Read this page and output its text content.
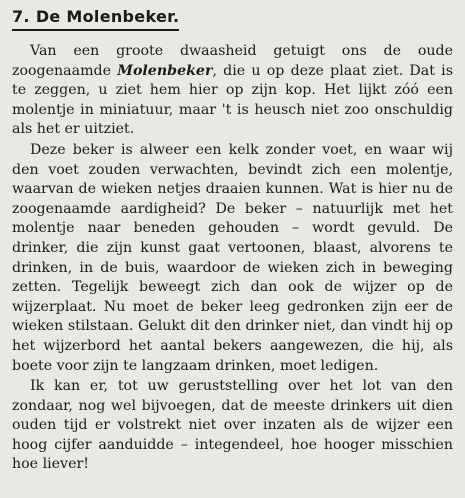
7. De Molenbeker.

Van een groote dwaasheid getuigt ons de oude zoogenaamde Molenbeker, die u op deze plaat ziet. Dat is te zeggen, u ziet hem hier op zijn kop. Het lijkt zóó een molentje in miniatuur, maar 't is heusch niet zoo onschuldig als het er uitziet.

Deze beker is alweer een kelk zonder voet, en waar wij den voet zouden verwachten, bevindt zich een molentje, waarvan de wieken netjes draaien kunnen. Wat is hier nu de zoogenaamde aardigheid? De beker – natuurlijk met het molentje naar beneden gehouden – wordt gevuld. De drinker, die zijn kunst gaat vertoonen, blaast, alvorens te drinken, in de buis, waardoor de wieken zich in beweging zetten. Tegelijk beweegt zich dan ook de wijzer op de wijzerplaat. Nu moet de beker leeg gedronken zijn eer de wieken stilstaan. Gelukt dit den drinker niet, dan vindt hij op het wijzerbord het aantal bekers aangewezen, die hij, als boete voor zijn te langzaam drinken, moet ledigen.

Ik kan er, tot uw geruststelling over het lot van den zondaar, nog wel bijvoegen, dat de meeste drinkers uit dien ouden tijd er volstrekt niet over inzaten als de wijzer een hoog cijfer aanduidde – integendeel, hoe hooger misschien hoe liever!
